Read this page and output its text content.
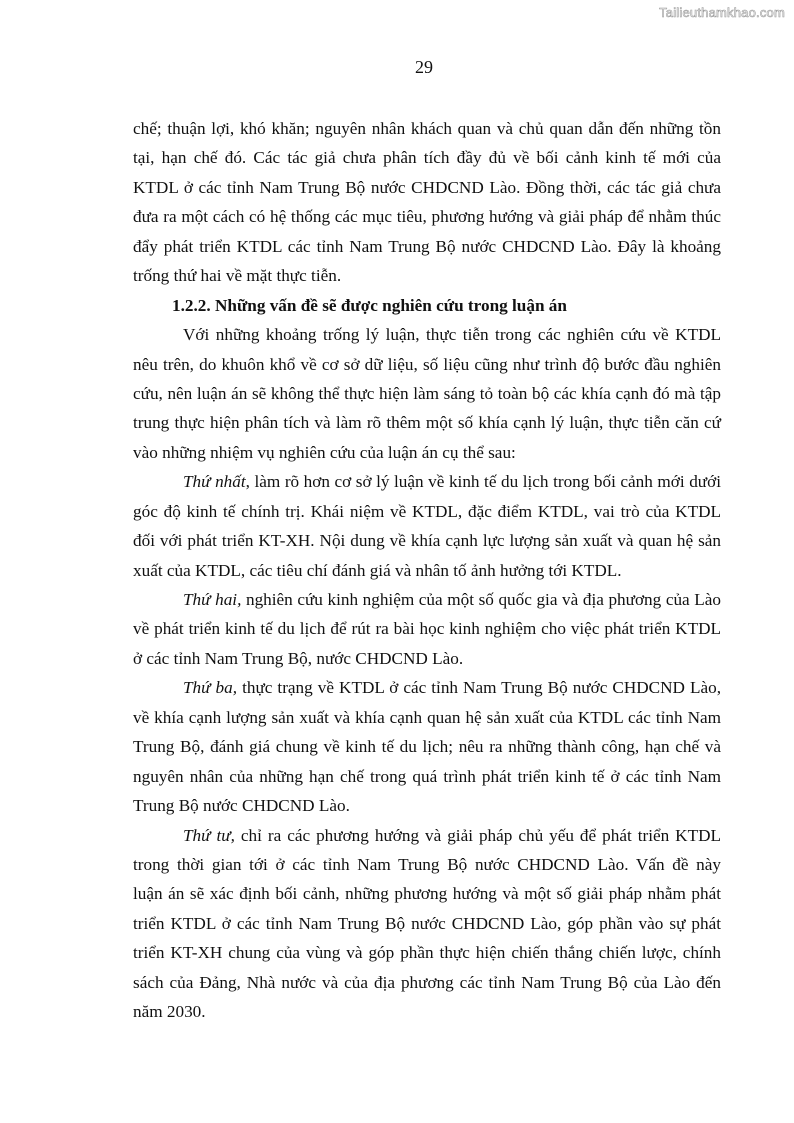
Tailieuthamkhao.com
29
chế; thuận lợi, khó khăn; nguyên nhân khách quan và chủ quan dẫn đến những tồn
tại, hạn chế đó. Các tác giả chưa phân tích đầy đủ về bối cảnh kinh tế mới của
KTDL ở các tỉnh Nam Trung Bộ nước CHDCND Lào. Đồng thời, các tác giả chưa
đưa ra một cách có hệ thống các mục tiêu, phương hướng và giải pháp để nhằm thúc
đẩy phát triển KTDL các tỉnh Nam Trung Bộ nước CHDCND Lào. Đây là khoảng
trống thứ hai về mặt thực tiễn.
1.2.2. Những vấn đề sẽ được nghiên cứu trong luận án
Với những khoảng trống lý luận, thực tiễn trong các nghiên cứu về KTDL
nêu trên, do khuôn khổ về cơ sở dữ liệu, số liệu cũng như trình độ bước đầu nghiên
cứu, nên luận án sẽ không thể thực hiện làm sáng tỏ toàn bộ các khía cạnh đó mà tập
trung thực hiện phân tích và làm rõ thêm một số khía cạnh lý luận, thực tiễn căn cứ
vào những nhiệm vụ nghiên cứu của luận án cụ thể sau:
Thứ nhất, làm rõ hơn cơ sở lý luận về kinh tế du lịch trong bối cảnh mới dưới
góc độ kinh tế chính trị. Khái niệm về KTDL, đặc điểm KTDL, vai trò của KTDL
đối với phát triển KT-XH. Nội dung về khía cạnh lực lượng sản xuất và quan hệ sản
xuất của KTDL, các tiêu chí đánh giá và nhân tố ảnh hưởng tới KTDL.
Thứ hai, nghiên cứu kinh nghiệm của một số quốc gia và địa phương của Lào
về phát triển kinh tế du lịch để rút ra bài học kinh nghiệm cho việc phát triển KTDL
ở các tỉnh Nam Trung Bộ, nước CHDCND Lào.
Thứ ba, thực trạng về KTDL ở các tỉnh Nam Trung Bộ nước CHDCND Lào,
về khía cạnh lượng sản xuất và khía cạnh quan hệ sản xuất của KTDL các tỉnh Nam
Trung Bộ, đánh giá chung về kinh tế du lịch; nêu ra những thành công, hạn chế và
nguyên nhân của những hạn chế trong quá trình phát triển kinh tế ở các tỉnh Nam
Trung Bộ nước CHDCND Lào.
Thứ tư, chỉ ra các phương hướng và giải pháp chủ yếu để phát triển KTDL
trong thời gian tới ở các tỉnh Nam Trung Bộ nước CHDCND Lào. Vấn đề này
luận án sẽ xác định bối cảnh, những phương hướng và một số giải pháp nhằm phát
triển KTDL ở các tỉnh Nam Trung Bộ nước CHDCND Lào, góp phần vào sự phát
triển KT-XH chung của vùng và góp phần thực hiện chiến thắng chiến lược, chính
sách của Đảng, Nhà nước và của địa phương các tỉnh Nam Trung Bộ của Lào đến
năm 2030.
